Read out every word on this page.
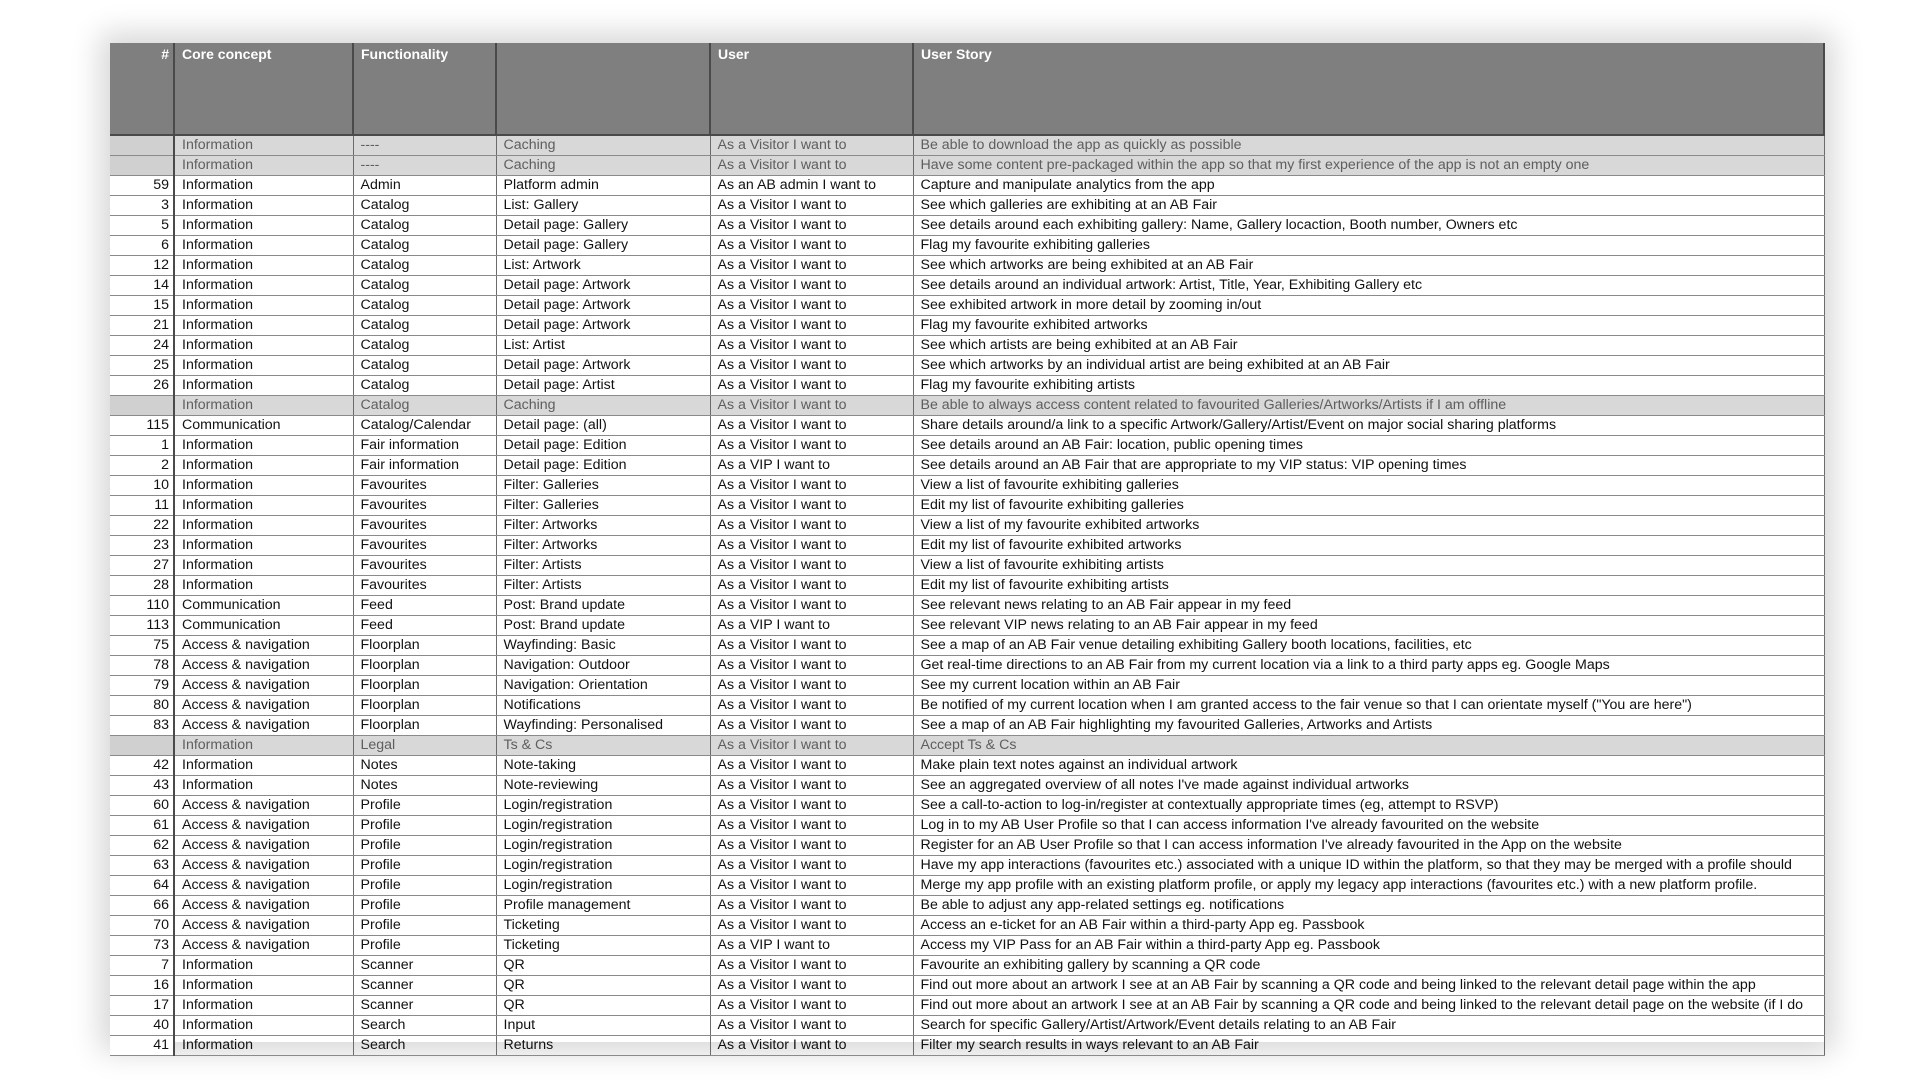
#	Core concept	Functionality		User	User Story
	Information	----	Caching	As a Visitor I want to	Be able to download the app as quickly as possible
	Information	----	Caching	As a Visitor I want to	Have some content pre-packaged within the app so that my first experience of the app is not an empty one
59	Information	Admin	Platform admin	As an AB admin I want to	Capture and manipulate analytics from the app
3	Information	Catalog	List: Gallery	As a Visitor I want to	See which galleries are exhibiting at an AB Fair
5	Information	Catalog	Detail page: Gallery	As a Visitor I want to	See details around each exhibiting gallery: Name, Gallery locaction, Booth number, Owners etc
6	Information	Catalog	Detail page: Gallery	As a Visitor I want to	Flag my favourite exhibiting galleries
12	Information	Catalog	List: Artwork	As a Visitor I want to	See which artworks are being exhibited at an AB Fair
14	Information	Catalog	Detail page: Artwork	As a Visitor I want to	See details around an individual artwork: Artist, Title, Year, Exhibiting Gallery etc
15	Information	Catalog	Detail page: Artwork	As a Visitor I want to	See exhibited artwork in more detail by zooming in/out
21	Information	Catalog	Detail page: Artwork	As a Visitor I want to	Flag my favourite exhibited artworks
24	Information	Catalog	List: Artist	As a Visitor I want to	See which artists are being exhibited at an AB Fair
25	Information	Catalog	Detail page: Artwork	As a Visitor I want to	See which artworks by an individual artist are being exhibited at an AB Fair
26	Information	Catalog	Detail page: Artist	As a Visitor I want to	Flag my favourite exhibiting artists
	Information	Catalog	Caching	As a Visitor I want to	Be able to always access content related to favourited Galleries/Artworks/Artists if I am offline
115	Communication	Catalog/Calendar	Detail page: (all)	As a Visitor I want to	Share details around/a link to a specific Artwork/Gallery/Artist/Event on major social sharing platforms
1	Information	Fair information	Detail page: Edition	As a Visitor I want to	See details around an AB Fair: location, public opening times
2	Information	Fair information	Detail page: Edition	As a VIP I want to	See details around an AB Fair that are appropriate to my VIP status: VIP opening times
10	Information	Favourites	Filter: Galleries	As a Visitor I want to	View a list of favourite exhibiting galleries
11	Information	Favourites	Filter: Galleries	As a Visitor I want to	Edit my list of favourite exhibiting galleries
22	Information	Favourites	Filter: Artworks	As a Visitor I want to	View a list of my favourite exhibited artworks
23	Information	Favourites	Filter: Artworks	As a Visitor I want to	Edit my list of favourite exhibited artworks
27	Information	Favourites	Filter: Artists	As a Visitor I want to	View a list of favourite exhibiting artists
28	Information	Favourites	Filter: Artists	As a Visitor I want to	Edit my list of favourite exhibiting artists
110	Communication	Feed	Post: Brand update	As a Visitor I want to	See relevant news relating to an AB Fair appear in my feed
113	Communication	Feed	Post: Brand update	As a VIP I want to	See relevant VIP news relating to an AB Fair appear in my feed
75	Access & navigation	Floorplan	Wayfinding: Basic	As a Visitor I want to	See a map of an AB Fair venue detailing exhibiting Gallery booth locations, facilities, etc
78	Access & navigation	Floorplan	Navigation: Outdoor	As a Visitor I want to	Get real-time directions to an AB Fair from my current location via a link to a third party apps eg. Google Maps
79	Access & navigation	Floorplan	Navigation: Orientation	As a Visitor I want to	See my current location within an AB Fair
80	Access & navigation	Floorplan	Notifications	As a Visitor I want to	Be notified of my current location when I am granted access to the fair venue so that I can orientate myself ("You are here")
83	Access & navigation	Floorplan	Wayfinding: Personalised	As a Visitor I want to	See a map of an AB Fair highlighting my favourited Galleries, Artworks and Artists
	Information	Legal	Ts & Cs	As a Visitor I want to	Accept Ts & Cs
42	Information	Notes	Note-taking	As a Visitor I want to	Make plain text notes against an individual artwork
43	Information	Notes	Note-reviewing	As a Visitor I want to	See an aggregated overview of all notes I've made against individual artworks
60	Access & navigation	Profile	Login/registration	As a Visitor I want to	See a call-to-action to log-in/register at contextually appropriate times (eg, attempt to RSVP)
61	Access & navigation	Profile	Login/registration	As a Visitor I want to	Log in to my AB User Profile so that I can access information I've already favourited on the website
62	Access & navigation	Profile	Login/registration	As a Visitor I want to	Register for an AB User Profile so that I can access information I've already favourited in the App on the website
63	Access & navigation	Profile	Login/registration	As a Visitor I want to	Have my app interactions (favourites etc.) associated with a unique ID within the platform, so that they may be merged with a profile should
64	Access & navigation	Profile	Login/registration	As a Visitor I want to	Merge my app profile with an existing platform profile, or apply my legacy app interactions (favourites etc.) with a new platform profile.
66	Access & navigation	Profile	Profile management	As a Visitor I want to	Be able to adjust any app-related settings eg. notifications
70	Access & navigation	Profile	Ticketing	As a Visitor I want to	Access an e-ticket for an AB Fair within a third-party App eg. Passbook
73	Access & navigation	Profile	Ticketing	As a VIP I want to	Access my VIP Pass for an AB Fair within a third-party App eg. Passbook
7	Information	Scanner	QR	As a Visitor I want to	Favourite an exhibiting gallery by scanning a QR code
16	Information	Scanner	QR	As a Visitor I want to	Find out more about an artwork I see at an AB Fair by scanning a QR code and being linked to the relevant detail page within the app
17	Information	Scanner	QR	As a Visitor I want to	Find out more about an artwork I see at an AB Fair by scanning a QR code and being linked to the relevant detail page on the website (if I do
40	Information	Search	Input	As a Visitor I want to	Search for specific Gallery/Artist/Artwork/Event details relating to an AB Fair
41	Information	Search	Returns	As a Visitor I want to	Filter my search results in ways relevant to an AB Fair
